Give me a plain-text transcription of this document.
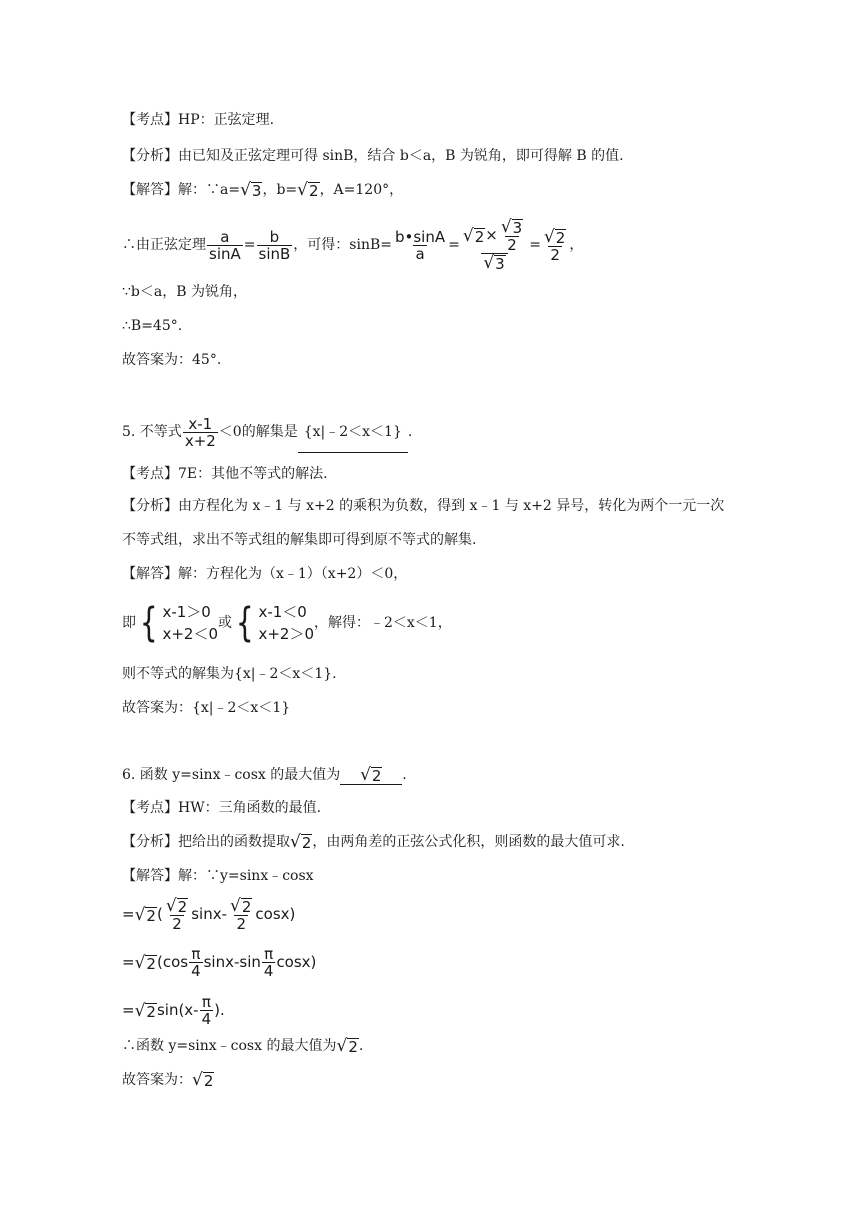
【考点】HP：正弦定理.
【分析】由已知及正弦定理可得 sinB，结合 b＜a，B 为锐角，即可得解 B 的值.
【解答】解：∵a= √ 3 ，b= √ 2 ，A=120°，
∴由正弦定理 $\frac{a}{\sin A} = \frac{b}{\sin B}$ ，可得：$\sin B= \frac{b•\sin A}{a} = \frac{√ 2 \times \frac{√ 3}{2}}{√ 3} = \frac{√ 2}{2}$ ，
∵b＜a，B 为锐角，
∴B=45°.
故答案为：45°.
5. 不等式 $\frac{x-1}{x+2} <0$的解集是 {x|﹣2＜x＜1} .
【考点】7E：其他不等式的解法.
【分析】由方程化为 x﹣1 与 x+2 的乘积为负数，得到 x﹣1 与 x+2 异号，转化为两个一元一次
不等式组，求出不等式组的解集即可得到原不等式的解集.
【解答】解：方程化为（x﹣1）（x+2）＜0，
即 { x-1＞0
x+2＜0
或 { x-1＜0
x+2＞0
，解得：﹣2＜x＜1，
则不等式的解集为{x|﹣2＜x＜1}.
故答案为：{x|﹣2＜x＜1}
6. 函数 y=sinx﹣cosx 的最大值为 √ 2 .
【考点】HW：三角函数的最值.
【分析】把给出的函数提取 √ 2 ，由两角差的正弦公式化积，则函数的最大值可求.
【解答】解：∵y=sinx﹣cosx
= √ 2 ( $\frac{√ 2}{2} \sin x- \frac{√ 2}{2} \cos x$)
= √ 2 $(\cos \frac{\pi}{4} \sin x-\sin \frac{\pi}{4} \cos x)$
= √ 2 $\sin(x- \frac{\pi}{4}$ ).
∴函数 y=sinx﹣cosx 的最大值为 √ 2 .
故答案为： √ 2
